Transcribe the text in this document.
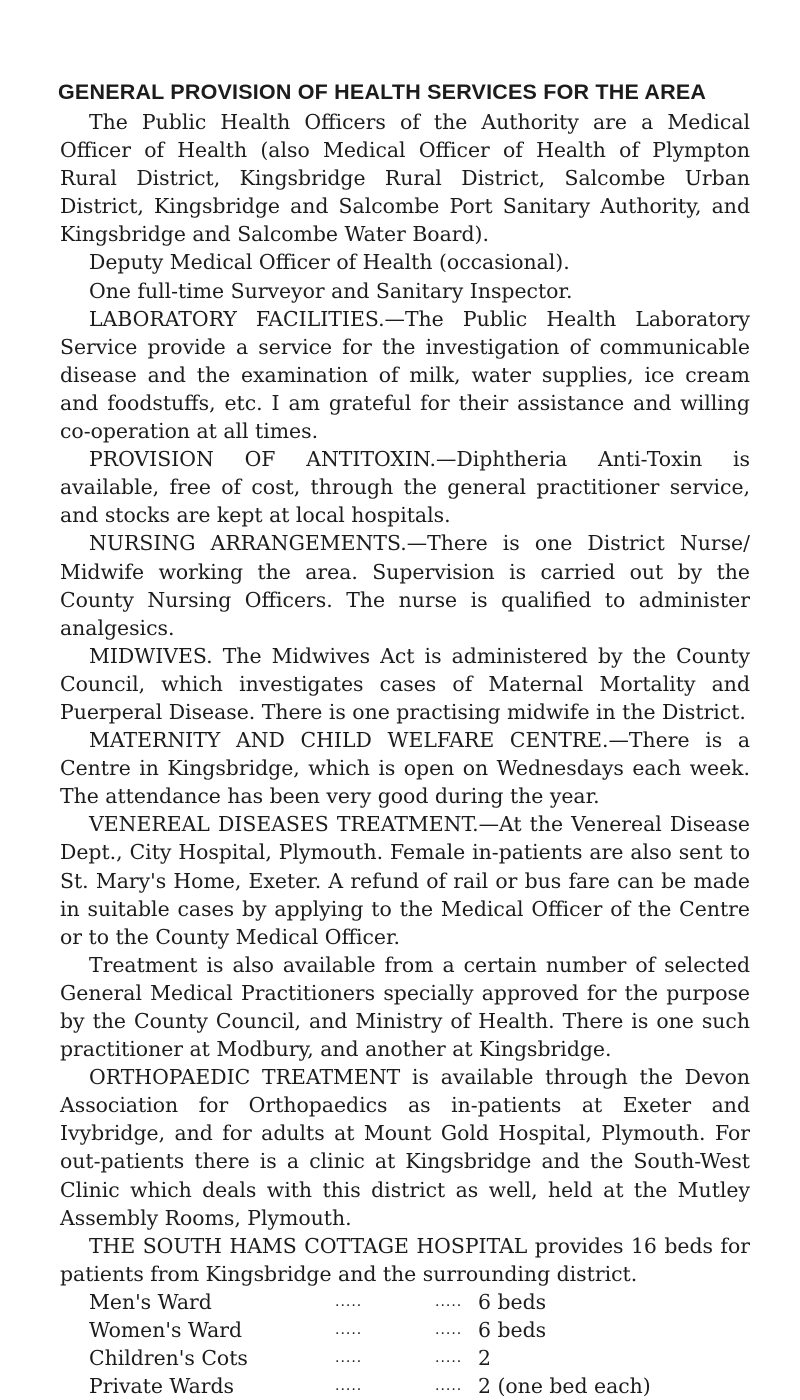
GENERAL PROVISION OF HEALTH SERVICES FOR THE AREA

The Public Health Officers of the Authority are a Medical Officer of Health (also Medical Officer of Health of Plympton Rural District, Kingsbridge Rural District, Salcombe Urban District, Kingsbridge and Salcombe Port Sanitary Authority, and Kingsbridge and Salcombe Water Board).

Deputy Medical Officer of Health (occasional).

One full-time Surveyor and Sanitary Inspector.

LABORATORY FACILITIES.—The Public Health Laboratory Service provide a service for the investigation of communicable disease and the examination of milk, water supplies, ice cream and foodstuffs, etc. I am grateful for their assistance and willing co-operation at all times.

PROVISION OF ANTITOXIN.—Diphtheria Anti-Toxin is available, free of cost, through the general practitioner service, and stocks are kept at local hospitals.

NURSING ARRANGEMENTS.—There is one District Nurse/ Midwife working the area. Supervision is carried out by the County Nursing Officers. The nurse is qualified to administer analgesics.

MIDWIVES. The Midwives Act is administered by the County Council, which investigates cases of Maternal Mortality and Puerperal Disease. There is one practising midwife in the District.

MATERNITY AND CHILD WELFARE CENTRE.—There is a Centre in Kingsbridge, which is open on Wednesdays each week. The attendance has been very good during the year.

VENEREAL DISEASES TREATMENT.—At the Venereal Disease Dept., City Hospital, Plymouth. Female in-patients are also sent to St. Mary's Home, Exeter. A refund of rail or bus fare can be made in suitable cases by applying to the Medical Officer of the Centre or to the County Medical Officer.

Treatment is also available from a certain number of selected General Medical Practitioners specially approved for the purpose by the County Council, and Ministry of Health. There is one such practitioner at Modbury, and another at Kingsbridge.

ORTHOPAEDIC TREATMENT is available through the Devon Association for Orthopaedics as in-patients at Exeter and Ivybridge, and for adults at Mount Gold Hospital, Plymouth. For out-patients there is a clinic at Kingsbridge and the South-West Clinic which deals with this district as well, held at the Mutley Assembly Rooms, Plymouth.

THE SOUTH HAMS COTTAGE HOSPITAL provides 16 beds for patients from Kingsbridge and the surrounding district.

Men's Ward	.....	..... 6 beds
Women's Ward	.....	..... 6 beds
Children's Cots	.....	..... 2
Private Wards	.....	..... 2 (one bed each)
